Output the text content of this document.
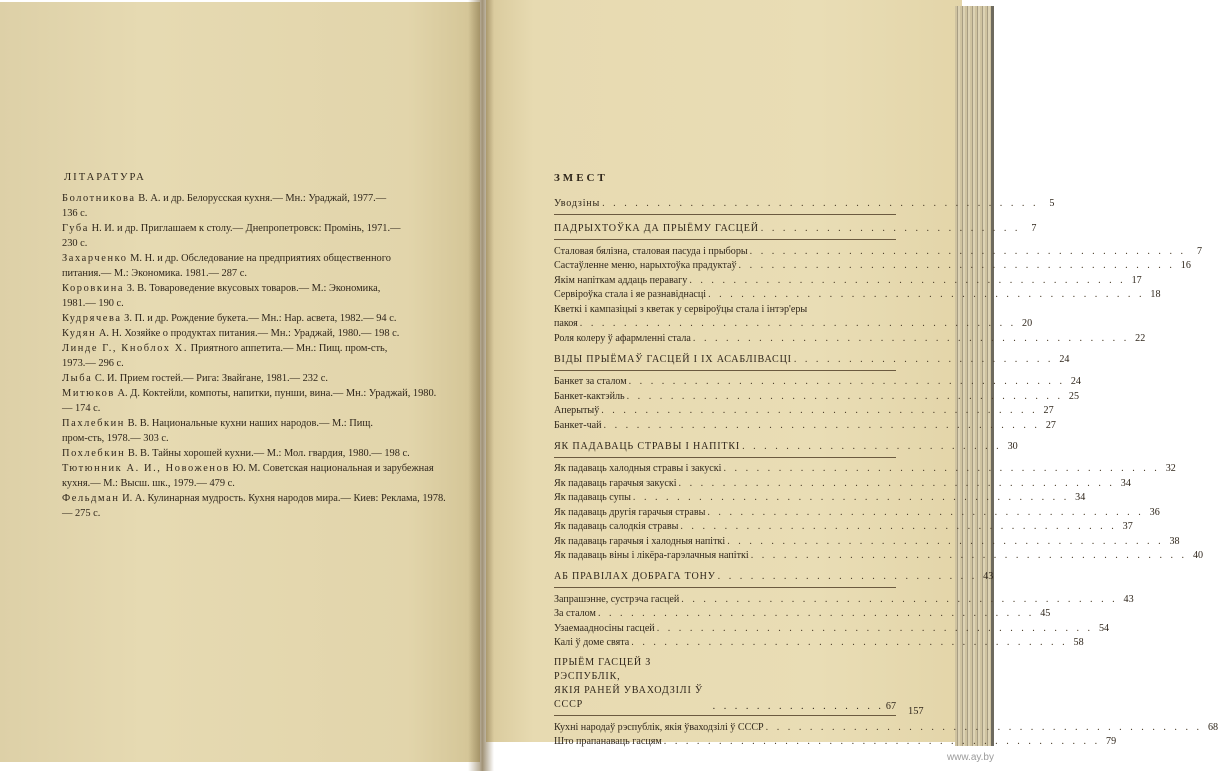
ЛІТАРАТУРА
Болотникова В. А. и др. Белорусская кухня.— Мн.: Ураджай, 1977.—
136 с.
Губа Н. И. и др. Приглашаем к столу.— Днепропетровск: Промінь, 1971.—
230 с.
Захарченко М. Н. и др. Обследование на предприятиях общественного
питания.— М.: Экономика. 1981.— 287 с.
Коровкина З. В. Товароведение вкусовых товаров.— М.: Экономика,
1981.— 190 с.
Кудрячева З. П. и др. Рождение букета.— Мн.: Нар. асвета, 1982.— 94 с.
Кудян А. Н. Хозяйке о продуктах питания.— Мн.: Ураджай, 1980.— 198 с.
Линде Г., Кноблох Х. Приятного аппетита.— Мн.: Пищ. пром-сть,
1973.— 296 с.
Лыба С. И. Прием гостей.— Рига: Звайгане, 1981.— 232 с.
Митюков А. Д. Коктейли, компоты, напитки, пунши, вина.— Мн.: Ураджай, 1980.— 174 с.
Пахлебкин В. В. Национальные кухни наших народов.— М.: Пищ.
пром-сть, 1978.— 303 с.
Похлебкин В. В. Тайны хорошей кухни.— М.: Мол. гвардия, 1980.— 198 с.
Тютюнник А. И., Новоженов Ю. М. Советская национальная и зарубежная кухня.— М.: Высш. шк., 1979.— 479 с.
Фельдман И. А. Кулинарная мудрость. Кухня народов мира.— Киев: Реклама, 1978.— 275 с.
ЗМЕСТ
Уводзіны . . . . . . . . . . . . . . . . . . . . . . . . . . . . . . . . . . . . . . . .	5
ПАДРЫХТОЎКА ДА ПРЫЁМУ ГАСЦЕЙ . . . . . . . . . . . . . . . . . . . . . . . .	7
Сталовая бялізна, сталовая пасуда і прыборы . . . . . . . . . . . . . . . . . . . . . . . . . . . . . . . . . . . . . . . .	7
Састаўленне меню, нарыхтоўка прадуктаў . . . . . . . . . . . . . . . . . . . . . . . . . . . . . . . . . . . . . . . . 16
Якім напіткам аддаць перавагу . . . . . . . . . . . . . . . . . . . . . . . . . . . . . . . . . . . . . . . . 17
Сервіроўка стала і яе разнавіднасці . . . . . . . . . . . . . . . . . . . . . . . . . . . . . . . . . . . . . . . . 18
Кветкі і кампазіцыі з кветак у сервіроўцы стала і інтэр'еры
пакоя . . . . . . . . . . . . . . . . . . . . . . . . . . . . . . . . . . . . . . . . 20
Роля колеру ў афармленні стала . . . . . . . . . . . . . . . . . . . . . . . . . . . . . . . . . . . . . . . . 22
ВІДЫ ПРЫЁМАЎ ГАСЦЕЙ І ІХ АСАБЛІВАСЦІ . . . . . . . . . . . . . . . . . . . . . . . . 24
Банкет за сталом . . . . . . . . . . . . . . . . . . . . . . . . . . . . . . . . . . . . . . . . 24
Банкет-кактэйль . . . . . . . . . . . . . . . . . . . . . . . . . . . . . . . . . . . . . . . . 25
Аперытыў . . . . . . . . . . . . . . . . . . . . . . . . . . . . . . . . . . . . . . . . 27
Банкет-чай . . . . . . . . . . . . . . . . . . . . . . . . . . . . . . . . . . . . . . . . 27
ЯК ПАДАВАЦЬ СТРАВЫ І НАПІТКІ . . . . . . . . . . . . . . . . . . . . . . . . 30
Як падаваць халодныя стравы і закускі . . . . . . . . . . . . . . . . . . . . . . . . . . . . . . . . . . . . . . . . 32
Як падаваць гарачыя закускі . . . . . . . . . . . . . . . . . . . . . . . . . . . . . . . . . . . . . . . . 34
Як падаваць супы . . . . . . . . . . . . . . . . . . . . . . . . . . . . . . . . . . . . . . . . 34
Як падаваць другія гарачыя стравы . . . . . . . . . . . . . . . . . . . . . . . . . . . . . . . . . . . . . . . . 36
Як падаваць салодкія стравы . . . . . . . . . . . . . . . . . . . . . . . . . . . . . . . . . . . . . . . . 37
Як падаваць гарачыя і халодныя напіткі . . . . . . . . . . . . . . . . . . . . . . . . . . . . . . . . . . . . . . . . 38
Як падаваць віны і лікёра-гарэлачныя напіткі . . . . . . . . . . . . . . . . . . . . . . . . . . . . . . . . . . . . . . . . 40
АБ ПРАВІЛАХ ДОБРАГА ТОНУ . . . . . . . . . . . . . . . . . . . . . . . . 43
Запрашэнне, сустрэча гасцей . . . . . . . . . . . . . . . . . . . . . . . . . . . . . . . . . . . . . . . . 43
За сталом . . . . . . . . . . . . . . . . . . . . . . . . . . . . . . . . . . . . . . . . 45
Узаемаадносіны гасцей . . . . . . . . . . . . . . . . . . . . . . . . . . . . . . . . . . . . . . . . 54
Калі ў доме свята . . . . . . . . . . . . . . . . . . . . . . . . . . . . . . . . . . . . . . . . 58
ПРЫЁМ ГАСЦЕЙ З РЭСПУБЛІК,
ЯКІЯ РАНЕЙ УВАХОДЗІЛІ Ў СССР	. . . . . . . . . . . . . . . . 67
Кухні народаў рэспублік, якія ўваходзілі ў СССР . . . . . . . . . . . . . . . . . . . . . . . . . . . . . . . . . . . . . . . . 68
Што прапанаваць гасцям . . . . . . . . . . . . . . . . . . . . . . . . . . . . . . . . . . . . . . . . 79
157
www.ay.by
